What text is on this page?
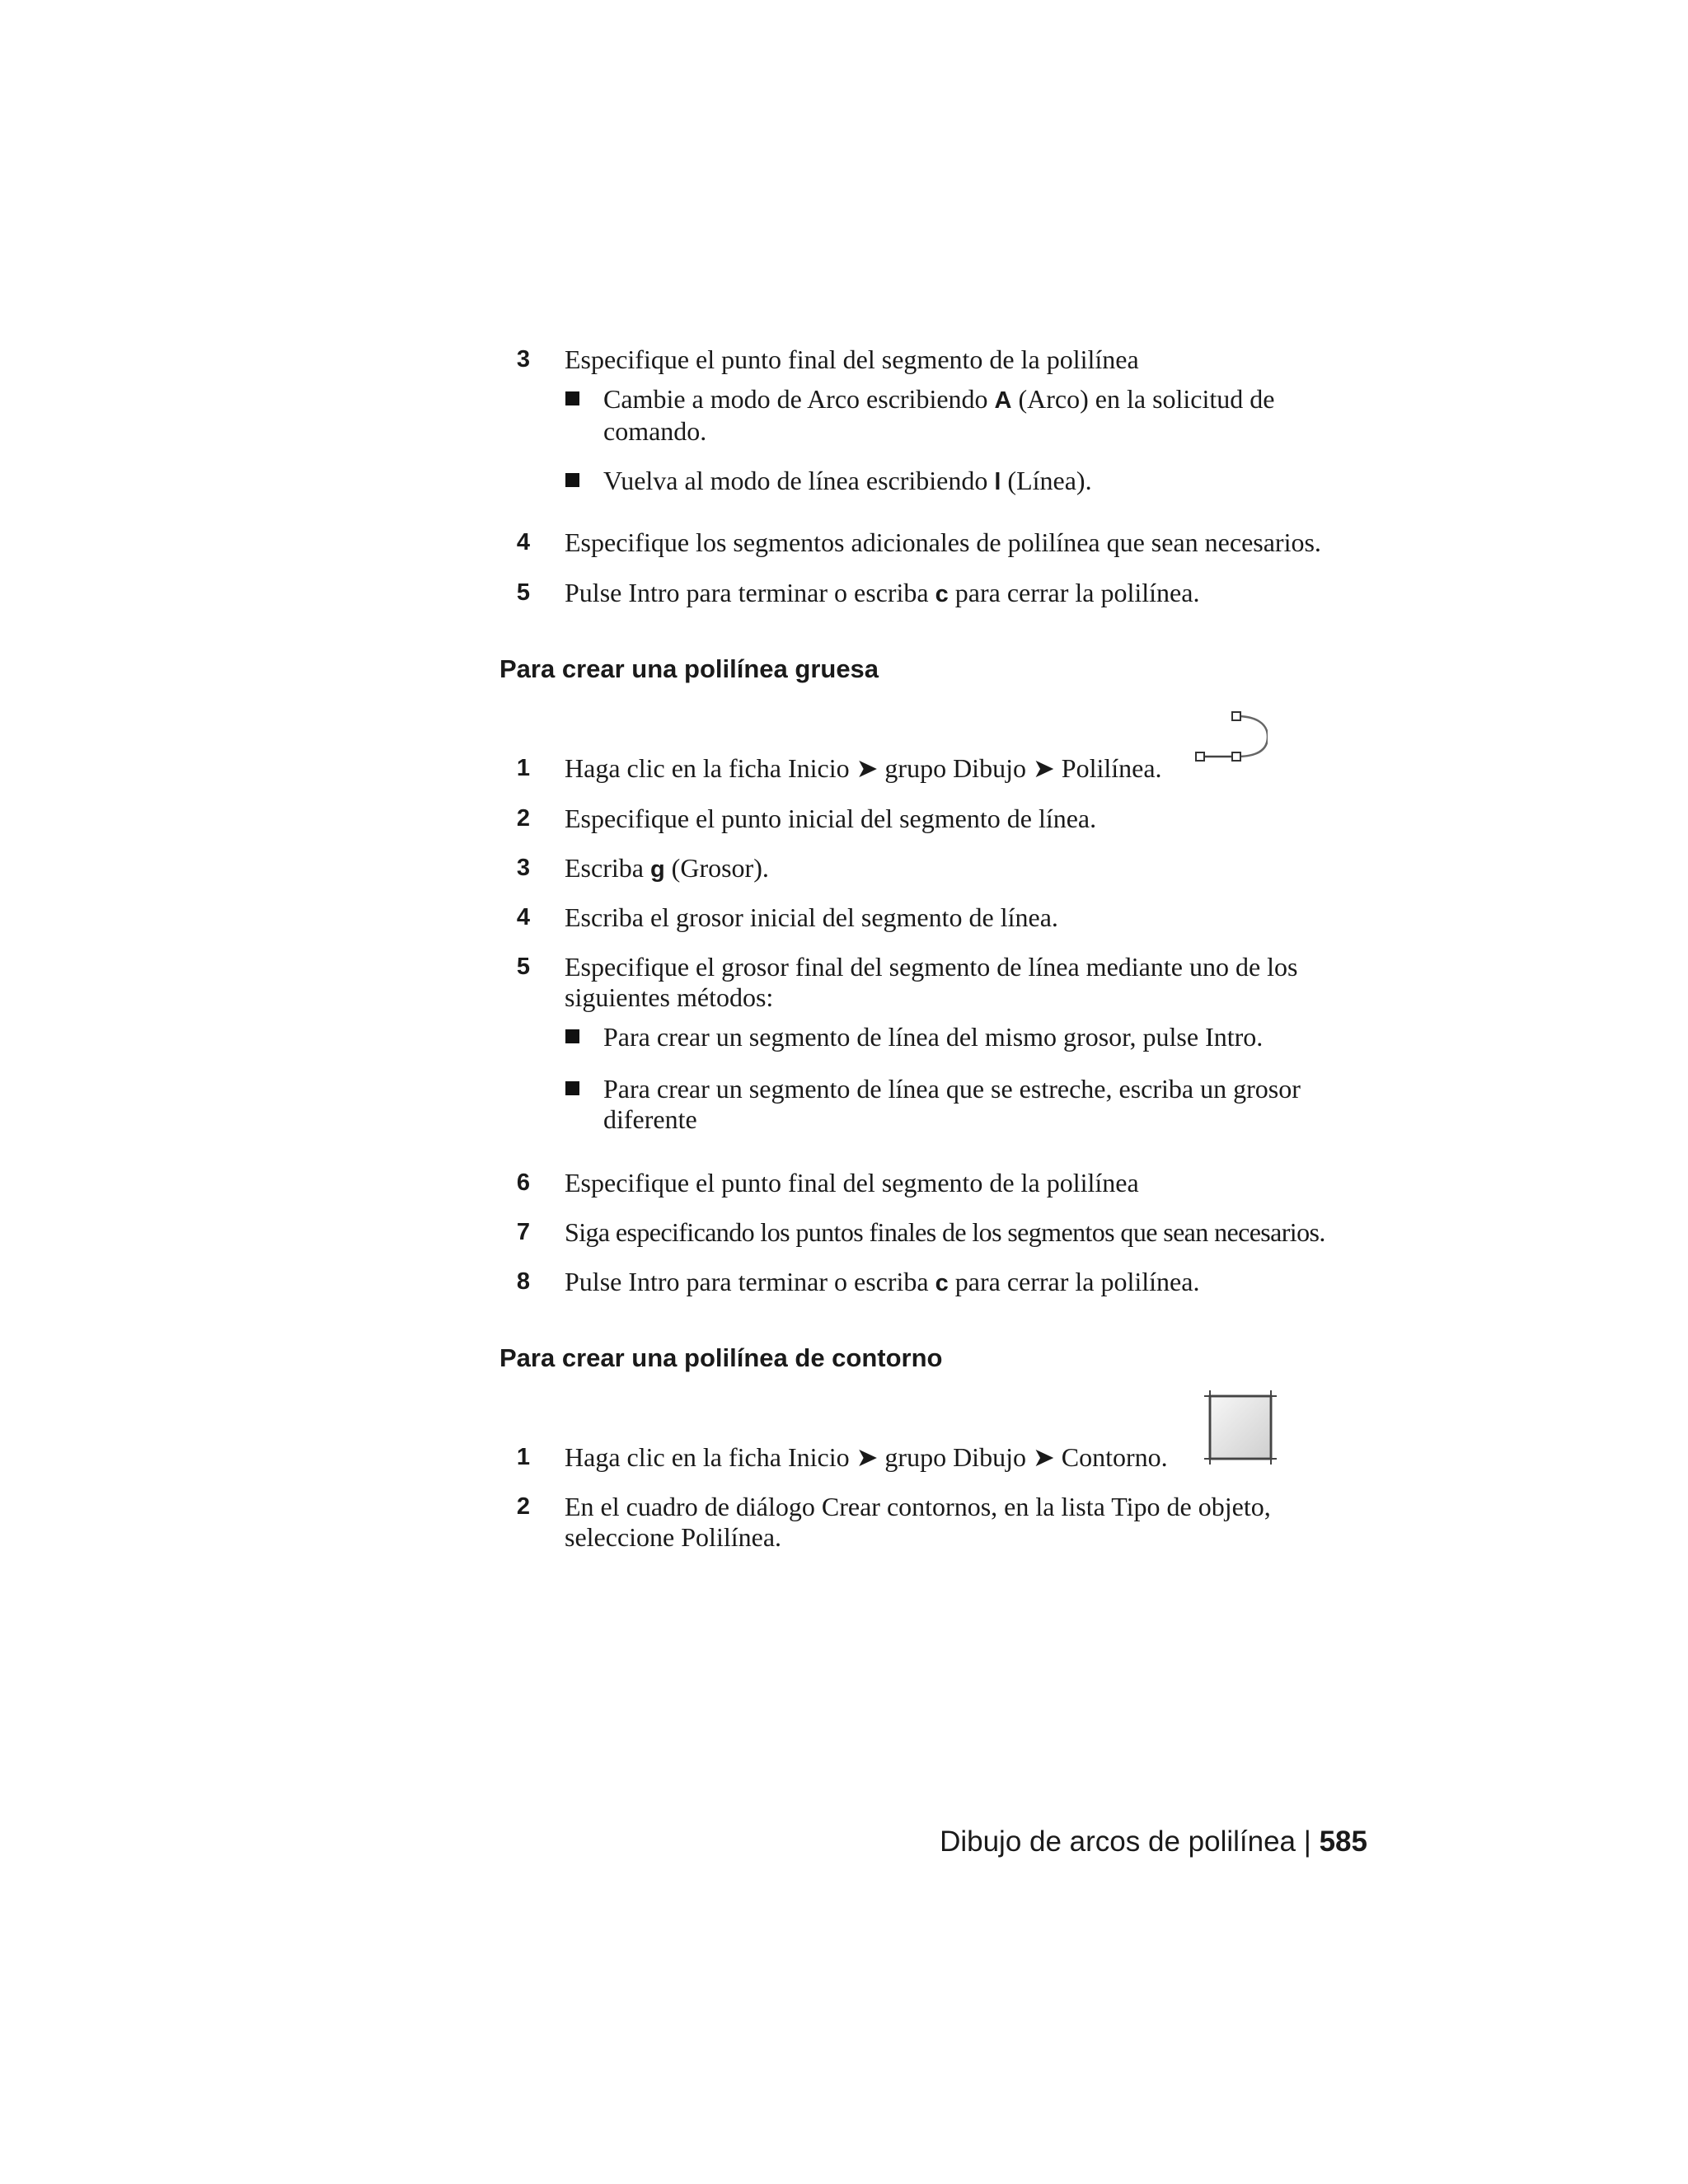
3 Especifique el punto final del segmento de la polilínea
Cambie a modo de Arco escribiendo A (Arco) en la solicitud de
comando.
Vuelva al modo de línea escribiendo l (Línea).
4 Especifique los segmentos adicionales de polilínea que sean necesarios.
5 Pulse Intro para terminar o escriba c para cerrar la polilínea.
Para crear una polilínea gruesa
1 Haga clic en la ficha Inicio ➤ grupo Dibujo ➤ Polilínea.
2 Especifique el punto inicial del segmento de línea.
3 Escriba g (Grosor).
4 Escriba el grosor inicial del segmento de línea.
5 Especifique el grosor final del segmento de línea mediante uno de los
siguientes métodos:
Para crear un segmento de línea del mismo grosor, pulse Intro.
Para crear un segmento de línea que se estreche, escriba un grosor
diferente
6 Especifique el punto final del segmento de la polilínea
7 Siga especificando los puntos finales de los segmentos que sean necesarios.
8 Pulse Intro para terminar o escriba c para cerrar la polilínea.
Para crear una polilínea de contorno
1 Haga clic en la ficha Inicio ➤ grupo Dibujo ➤ Contorno.
2 En el cuadro de diálogo Crear contornos, en la lista Tipo de objeto,
seleccione Polilínea.
Dibujo de arcos de polilínea | 585
